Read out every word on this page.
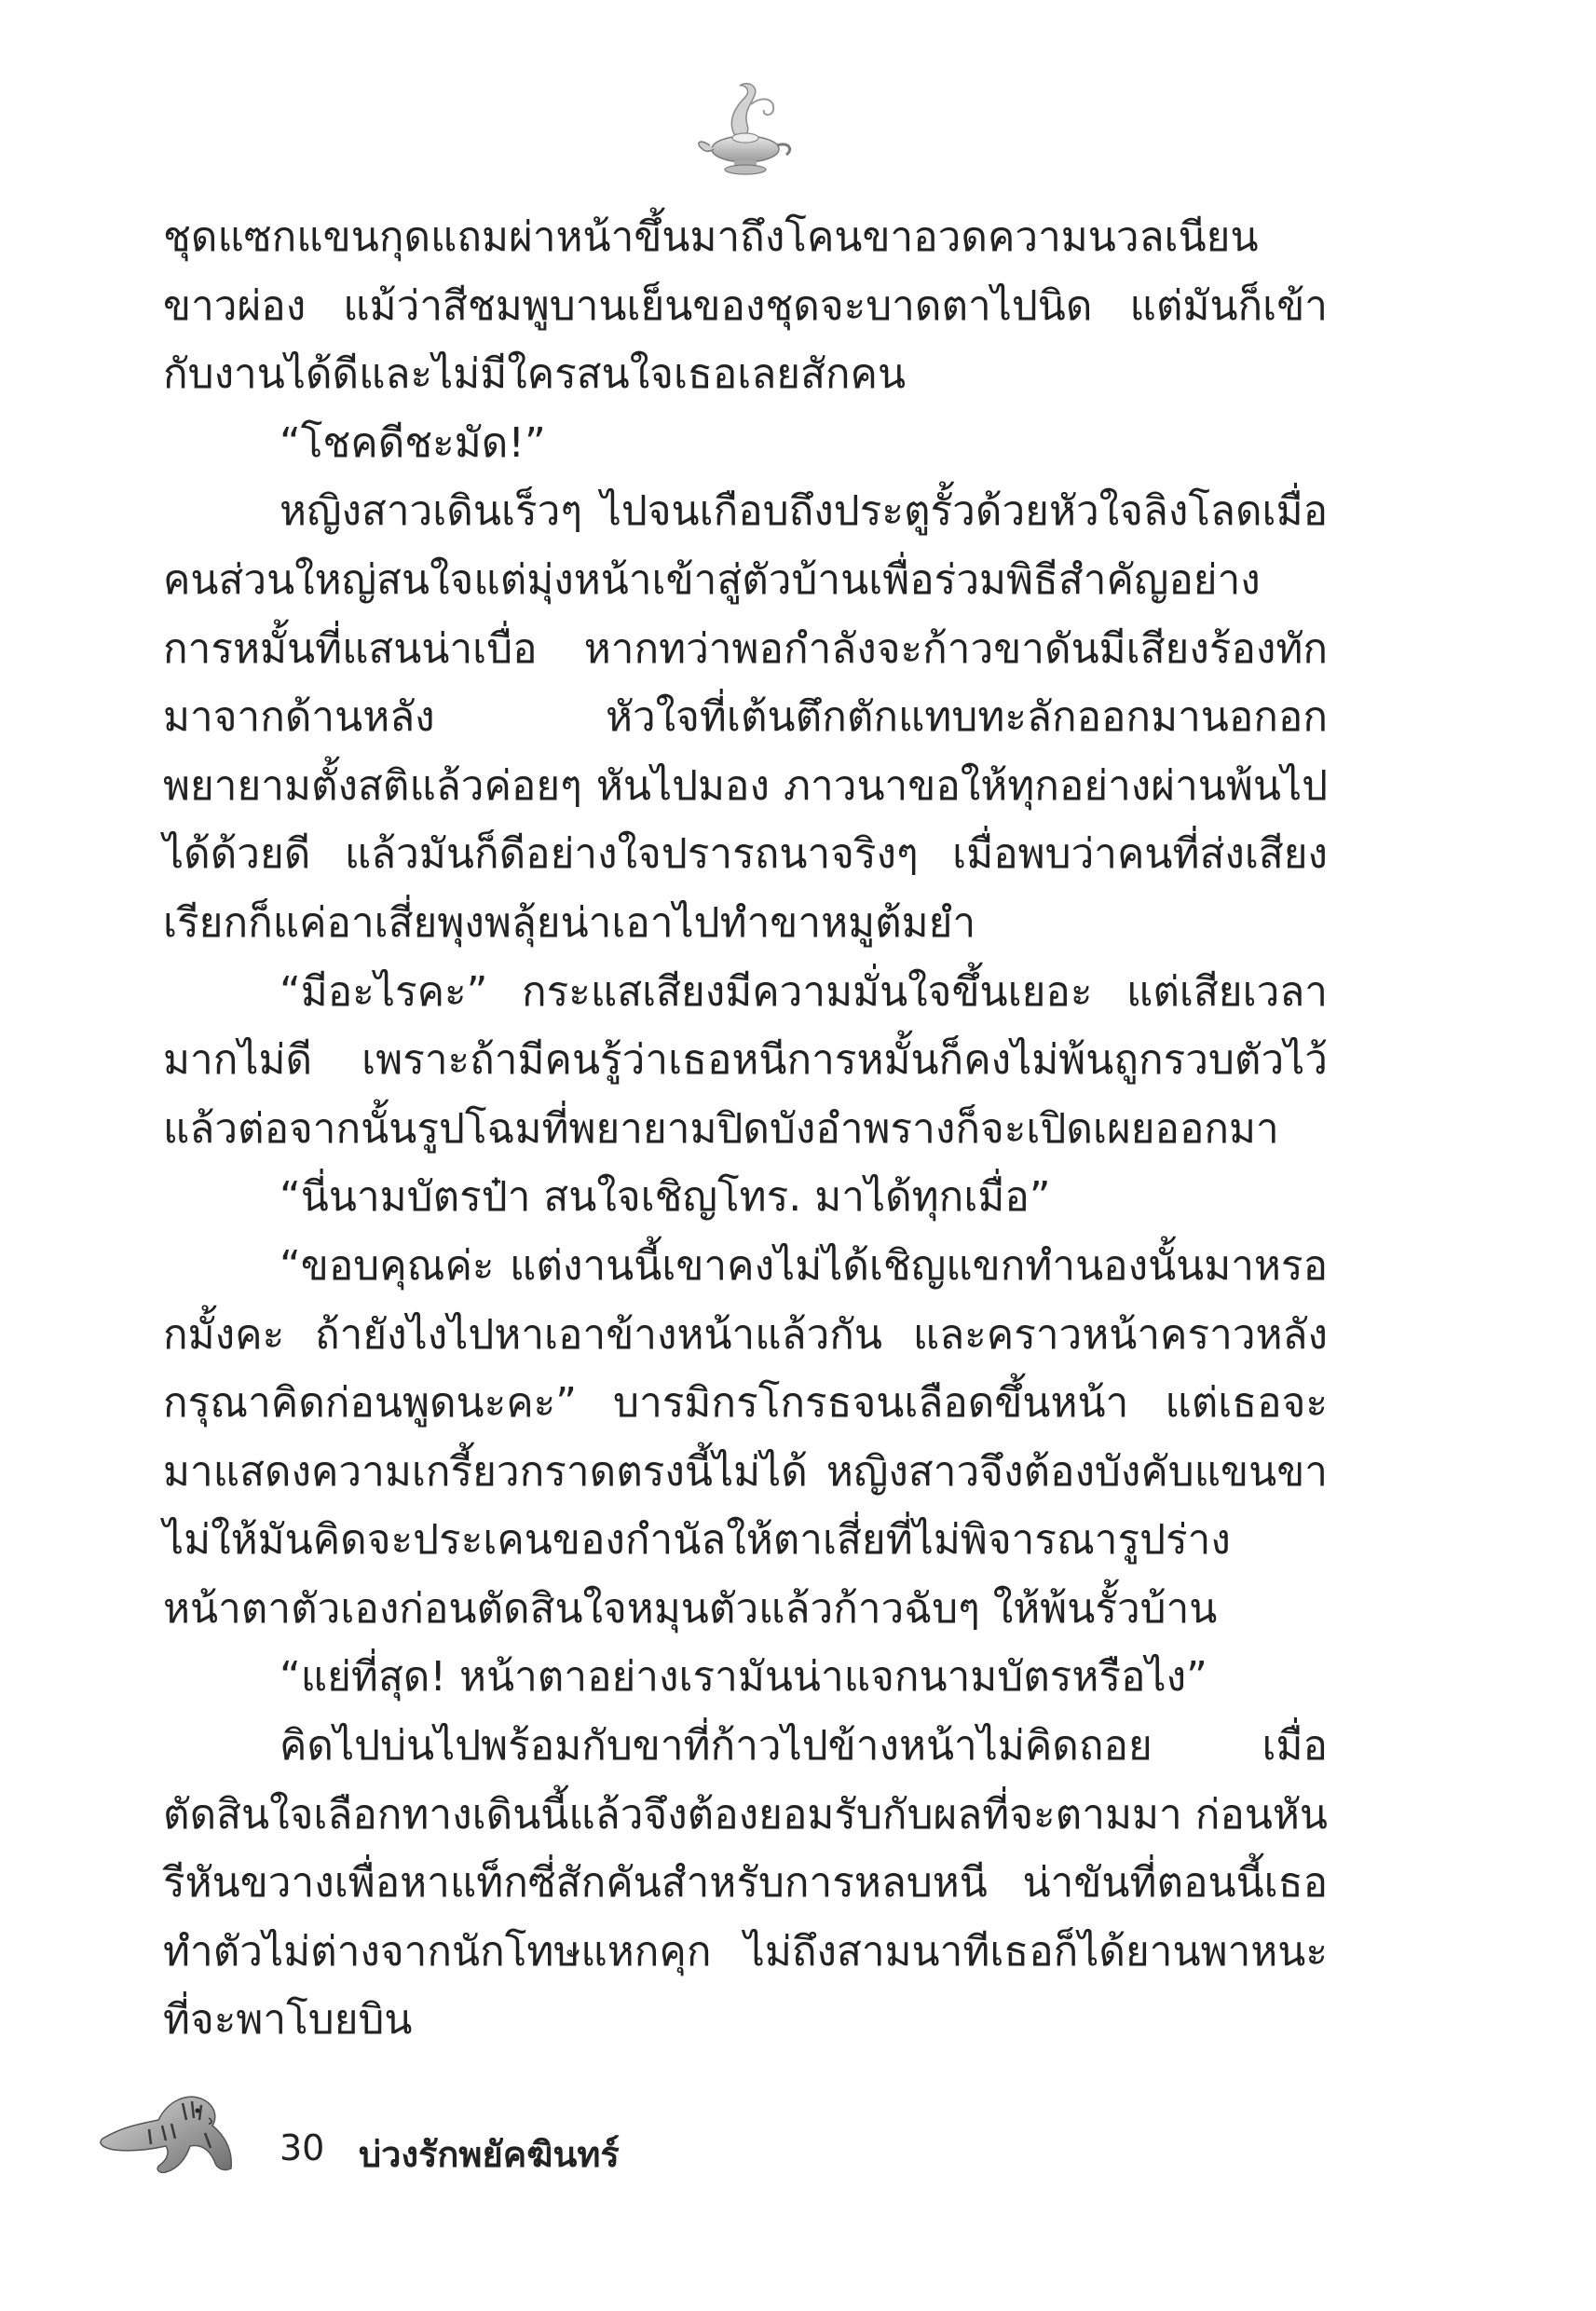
ชุดแซกแขนกุดแถมผ่าหน้าขึ้นมาถึงโคนขาอวดความนวลเนียนขาวผ่อง แม้ว่าสีชมพูบานเย็นของชุดจะบาดตาไปนิด แต่มันก็เข้ากับงานได้ดีและไม่มีใครสนใจเธอเลยสักคน

“โชคดีชะมัด!”

หญิงสาวเดินเร็วๆ ไปจนเกือบถึงประตูรั้วด้วยหัวใจลิงโลดเมื่อคนส่วนใหญ่สนใจแต่มุ่งหน้าเข้าสู่ตัวบ้านเพื่อร่วมพิธีสำคัญอย่างการหมั้นที่แสนน่าเบื่อ หากทว่าพอกำลังจะก้าวขาดันมีเสียงร้องทักมาจากด้านหลัง หัวใจที่เต้นตึกตักแทบทะลักออกมานอกอก พยายามตั้งสติแล้วค่อยๆ หันไปมอง ภาวนาขอให้ทุกอย่างผ่านพ้นไปได้ด้วยดี แล้วมันก็ดีอย่างใจปรารถนาจริงๆ เมื่อพบว่าคนที่ส่งเสียงเรียกก็แค่อาเสี่ยพุงพลุ้ยน่าเอาไปทำขาหมูต้มยำ

“มีอะไรคะ” กระแสเสียงมีความมั่นใจขึ้นเยอะ แต่เสียเวลามากไม่ดี เพราะถ้ามีคนรู้ว่าเธอหนีการหมั้นก็คงไม่พ้นถูกรวบตัวไว้ แล้วต่อจากนั้นรูปโฉมที่พยายามปิดบังอำพรางก็จะเปิดเผยออกมา

“นี่นามบัตรป๋า สนใจเชิญโทร. มาได้ทุกเมื่อ”

“ขอบคุณค่ะ แต่งานนี้เขาคงไม่ได้เชิญแขกทำนองนั้นมาหรอกมั้งคะ ถ้ายังไงไปหาเอาข้างหน้าแล้วกัน และคราวหน้าคราวหลังกรุณาคิดก่อนพูดนะคะ” บารมิกรโกรธจนเลือดขึ้นหน้า แต่เธอจะมาแสดงความเกรี้ยวกราดตรงนี้ไม่ได้ หญิงสาวจึงต้องบังคับแขนขาไม่ให้มันคิดจะประเคนของกำนัลให้ตาเสี่ยที่ไม่พิจารณารูปร่างหน้าตาตัวเองก่อนตัดสินใจหมุนตัวแล้วก้าวฉับๆ ให้พ้นรั้วบ้าน

“แย่ที่สุด! หน้าตาอย่างเรามันน่าแจกนามบัตรหรือไง”

คิดไปบ่นไปพร้อมกับขาที่ก้าวไปข้างหน้าไม่คิดถอย เมื่อตัดสินใจเลือกทางเดินนี้แล้วจึงต้องยอมรับกับผลที่จะตามมา ก่อนหันรีหันขวางเพื่อหาแท็กซี่สักคันสำหรับการหลบหนี น่าขันที่ตอนนี้เธอทำตัวไม่ต่างจากนักโทษแหกคุก ไม่ถึงสามนาทีเธอก็ได้ยานพาหนะที่จะพาโบยบิน

30 บ่วงรักพยัคฆินทร์
